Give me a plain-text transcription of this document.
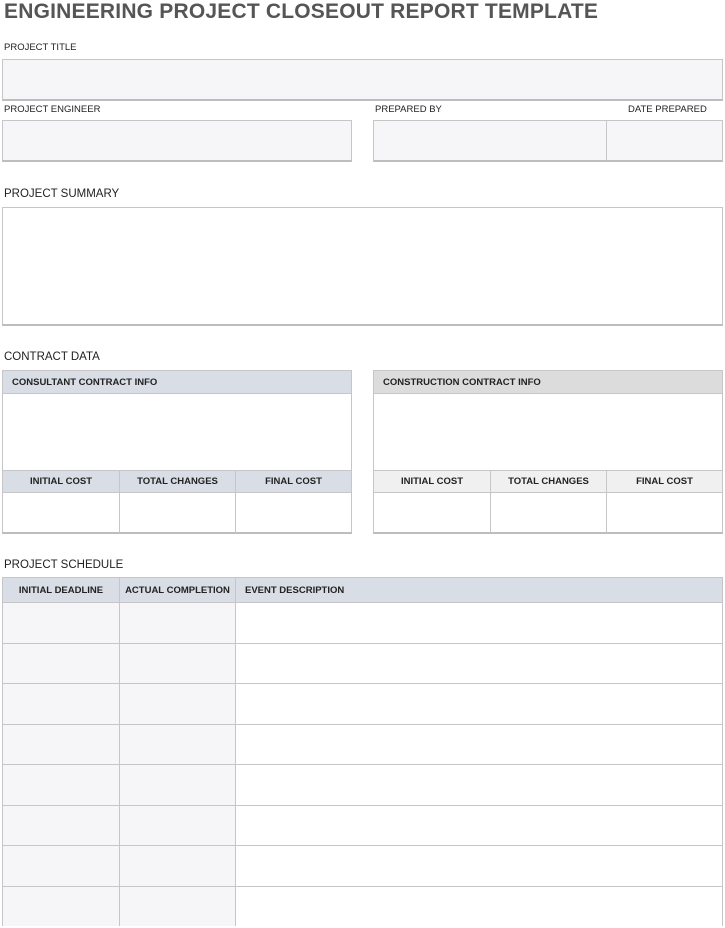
ENGINEERING PROJECT CLOSEOUT REPORT TEMPLATE
PROJECT TITLE
PROJECT ENGINEER	PREPARED BY	DATE PREPARED
PROJECT SUMMARY
CONTRACT DATA
CONSULTANT CONTRACT INFO
INITIAL COST	TOTAL CHANGES	FINAL COST
CONSTRUCTION CONTRACT INFO
INITIAL COST	TOTAL CHANGES	FINAL COST
PROJECT SCHEDULE
INITIAL DEADLINE	ACTUAL COMPLETION	EVENT DESCRIPTION
